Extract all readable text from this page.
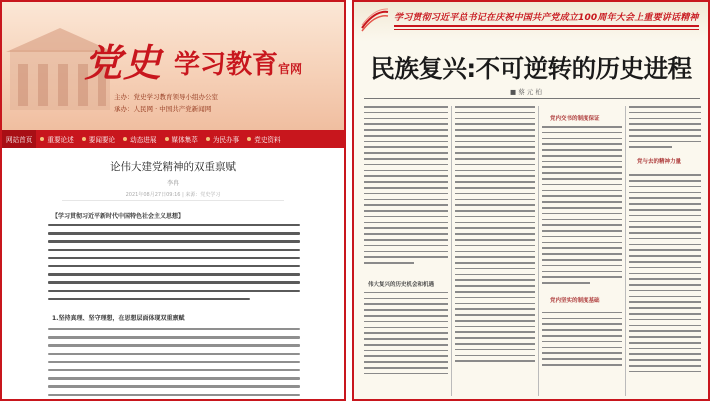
党史 学习教育官网
主办：党史学习教育领导小组办公室
承办：人民网 · 中国共产党新闻网
网站首页 重要论述 要闻要论 动态进展 媒体集萃 为民办事 党史资料
论伟大建党精神的双重禀赋
李冉
2021年08月27日09:16 | 来源：党史学习
【学习贯彻习近平新时代中国特色社会主义思想】
1.坚持真理、坚守理想，在思想层面体现双重禀赋
学习贯彻习近平总书记在庆祝中国共产党成立100周年大会上重要讲话精神
民族复兴:不可逆转的历史进程
■ 蔡 元 柏
伟大复兴的历史机会和机遇
党内交书的制度保证
党内坚实的制度基础
党与去的精神力量
